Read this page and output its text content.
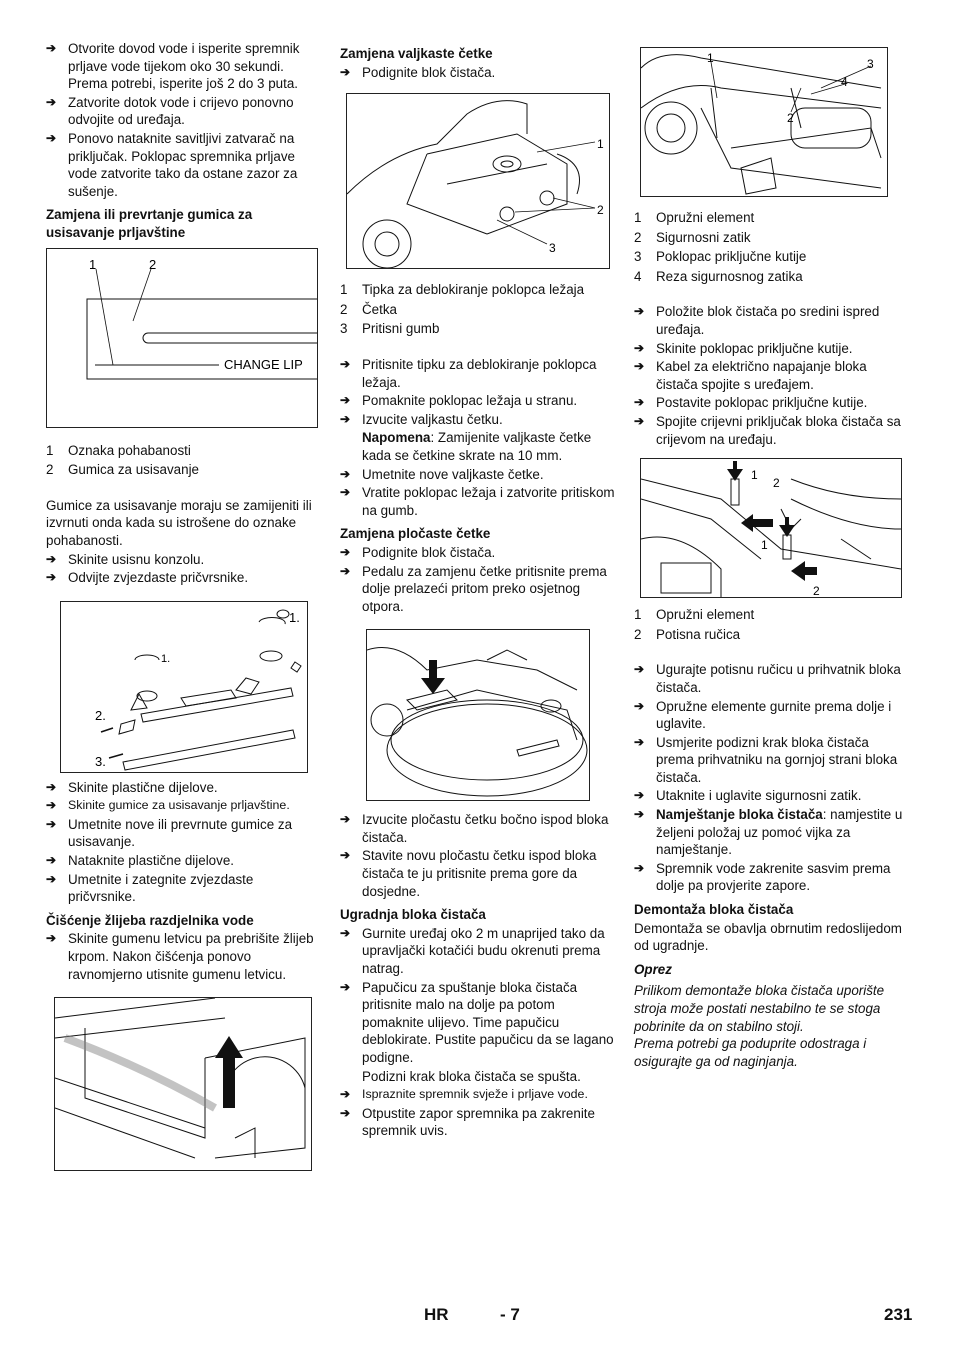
➔ Otvorite dovod vode i isperite spremnik prljave vode tijekom oko 30 sekundi.
Prema potrebi, isperite još 2 do 3 puta.
➔ Zatvorite dotok vode i crijevo ponovno odvojite od uređaja.
➔ Ponovo nataknite savitljivi zatvarač na priključak. Poklopac spremnika prljave vode zatvorite tako da ostane zazor za sušenje.
Zamjena ili prevrtanje gumica za usisavanje prljavštine
CHANGE LIP
1	2
1	Oznaka pohabanosti
2	Gumica za usisavanje
Gumice za usisavanje moraju se zamijeniti ili izvrnuti onda kada su istrošene do oznake pohabanosti.
➔ Skinite usisnu konzolu.
➔ Odvijte zvjezdaste pričvrsnike.
1.
1.
2.
3.
➔ Skinite plastične dijelove.
➔ Skinite gumice za usisavanje prljavštine.
➔ Umetnite nove ili prevrnute gumice za usisavanje.
➔ Nataknite plastične dijelove.
➔ Umetnite i zategnite zvjezdaste pričvrsnike.
Čišćenje žlijeba razdjelnika vode
➔ Skinite gumenu letvicu pa prebrišite žlijeb krpom. Nakon čišćenja ponovo ravnomjerno utisnite gumenu letvicu.
Zamjena valjkaste četke
➔ Podignite blok čistača.
1
2
3
1	Tipka za deblokiranje poklopca ležaja
2	Četka
3	Pritisni gumb
➔ Pritisnite tipku za deblokiranje poklopca ležaja.
➔ Pomaknite poklopac ležaja u stranu.
➔ Izvucite valjkastu četku.
Napomena: Zamijenite valjkaste četke kada se četkine skrate na 10 mm.
➔ Umetnite nove valjkaste četke.
➔ Vratite poklopac ležaja i zatvorite pritiskom na gumb.
Zamjena pločaste četke
➔ Podignite blok čistača.
➔ Pedalu za zamjenu četke pritisnite prema dolje prelazeći pritom preko osjetnog otpora.
➔ Izvucite pločastu četku bočno ispod bloka čistača.
➔ Stavite novu pločastu četku ispod bloka čistača te ju pritisnite prema gore da dosjedne.
Ugradnja bloka čistača
➔ Gurnite uređaj oko 2 m unaprijed tako da upravljački kotačići budu okrenuti prema natrag.
➔ Papučicu za spuštanje bloka čistača pritisnite malo na dolje pa potom pomaknite ulijevo. Time papučicu deblokirate. Pustite papučicu da se lagano podigne.
Podizni krak bloka čistača se spušta.
➔ Ispraznite spremnik svježe i prljave vode.
➔ Otpustite zapor spremnika pa zakrenite spremnik uvis.
1	3
4
2
1	Opružni element
2	Sigurnosni zatik
3	Poklopac priključne kutije
4	Reza sigurnosnog zatika
➔ Položite blok čistača po sredini ispred uređaja.
➔ Skinite poklopac priključne kutije.
➔ Kabel za električno napajanje bloka čistača spojite s uređajem.
➔ Postavite poklopac priključne kutije.
➔ Spojite crijevni priključak bloka čistača sa crijevom na uređaju.
1
2
1
2
1	Opružni element
2	Potisna ručica
➔ Ugurajte potisnu ručicu u prihvatnik bloka čistača.
➔ Opružne elemente gurnite prema dolje i uglavite.
➔ Usmjerite podizni krak bloka čistača prema prihvatniku na gornjoj strani bloka čistača.
➔ Utaknite i uglavite sigurnosni zatik.
➔ Namještanje bloka čistača: namjestite u željeni položaj uz pomoć vijka za namještanje.
➔ Spremnik vode zakrenite sasvim prema dolje pa provjerite zapore.
Demontaža bloka čistača
Demontaža se obavlja obrnutim redoslijedom od ugradnje.
Oprez
Prilikom demontaže bloka čistača uporište stroja može postati nestabilno te se stoga pobrinite da on stabilno stoji.
Prema potrebi ga poduprite odostraga i osigurajte ga od naginjanja.
HR	- 7	231
